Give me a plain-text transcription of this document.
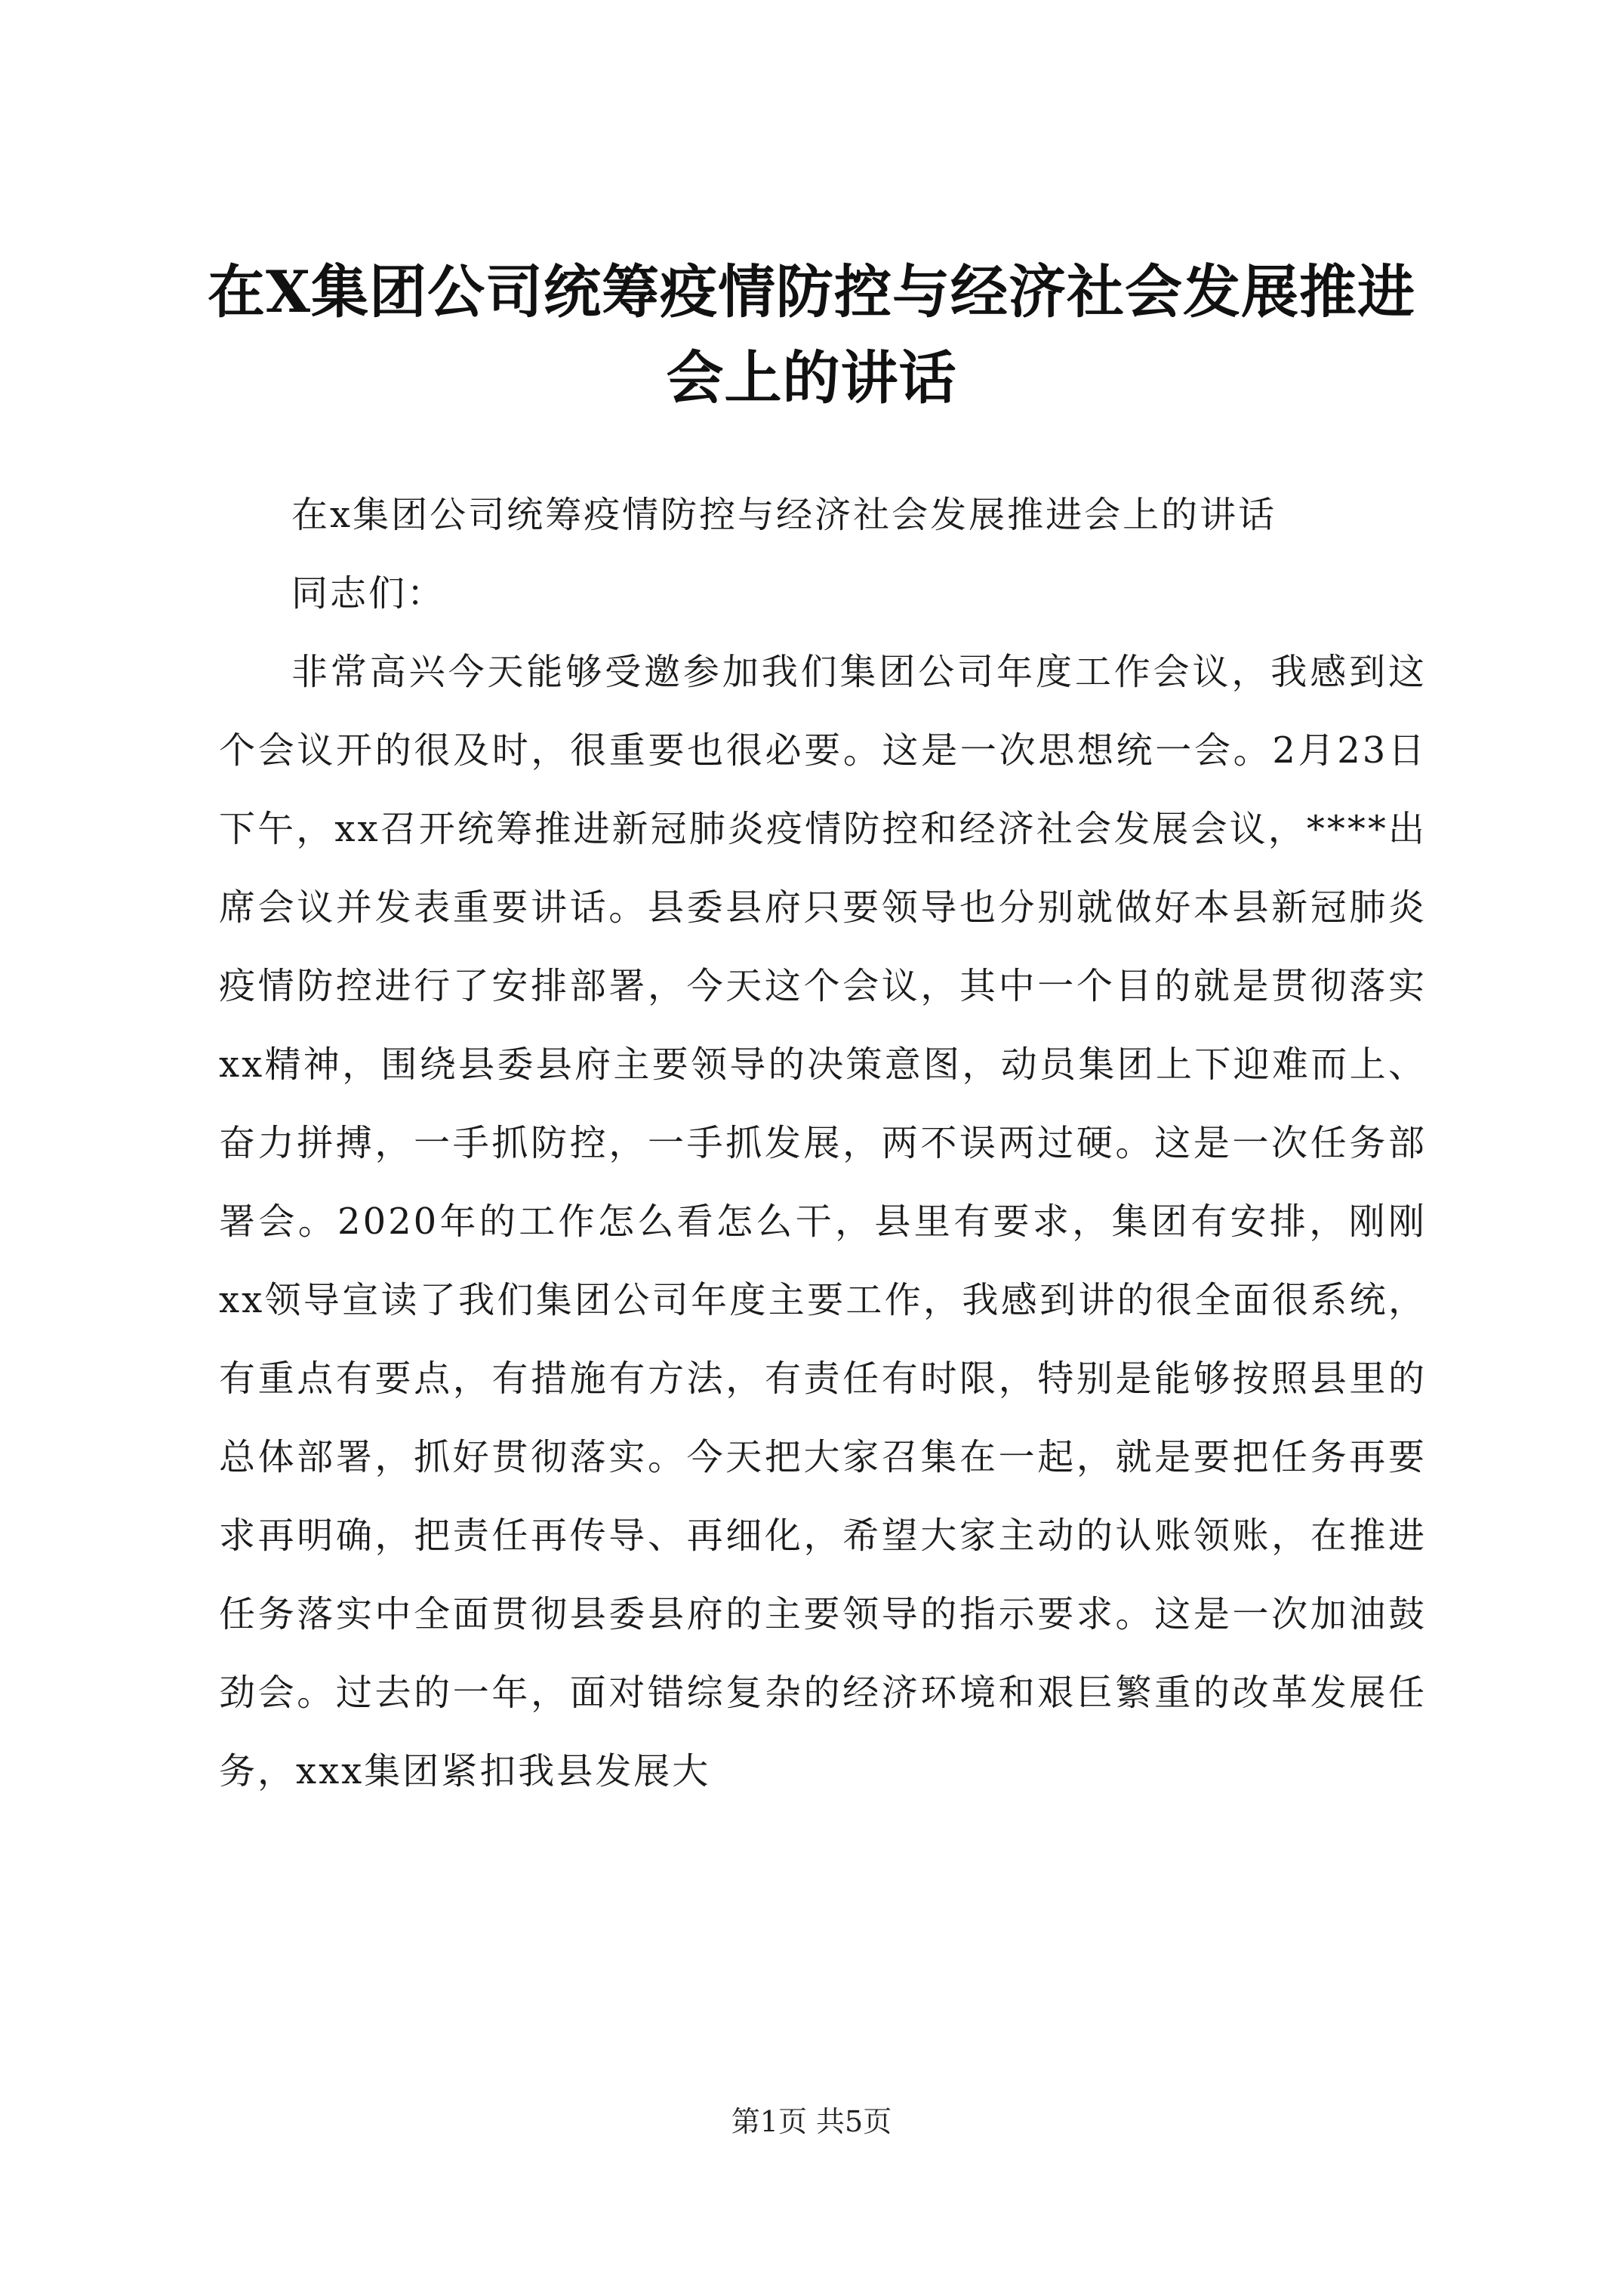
在X集团公司统筹疫情防控与经济社会发展推进会上的讲话

在x集团公司统筹疫情防控与经济社会发展推进会上的讲话

同志们：

非常高兴今天能够受邀参加我们集团公司年度工作会议，我感到这个会议开的很及时，很重要也很必要。这是一次思想统一会。2月23日下午，xx召开统筹推进新冠肺炎疫情防控和经济社会发展会议，****出席会议并发表重要讲话。县委县府只要领导也分别就做好本县新冠肺炎疫情防控进行了安排部署，今天这个会议，其中一个目的就是贯彻落实xx精神，围绕县委县府主要领导的决策意图，动员集团上下迎难而上、奋力拼搏，一手抓防控，一手抓发展，两不误两过硬。这是一次任务部署会。2020年的工作怎么看怎么干，县里有要求，集团有安排，刚刚xx领导宣读了我们集团公司年度主要工作，我感到讲的很全面很系统，有重点有要点，有措施有方法，有责任有时限，特别是能够按照县里的总体部署，抓好贯彻落实。今天把大家召集在一起，就是要把任务再要求再明确，把责任再传导、再细化，希望大家主动的认账领账，在推进任务落实中全面贯彻县委县府的主要领导的指示要求。这是一次加油鼓劲会。过去的一年，面对错综复杂的经济环境和艰巨繁重的改革发展任务，xxx集团紧扣我县发展大

第1页 共5页
